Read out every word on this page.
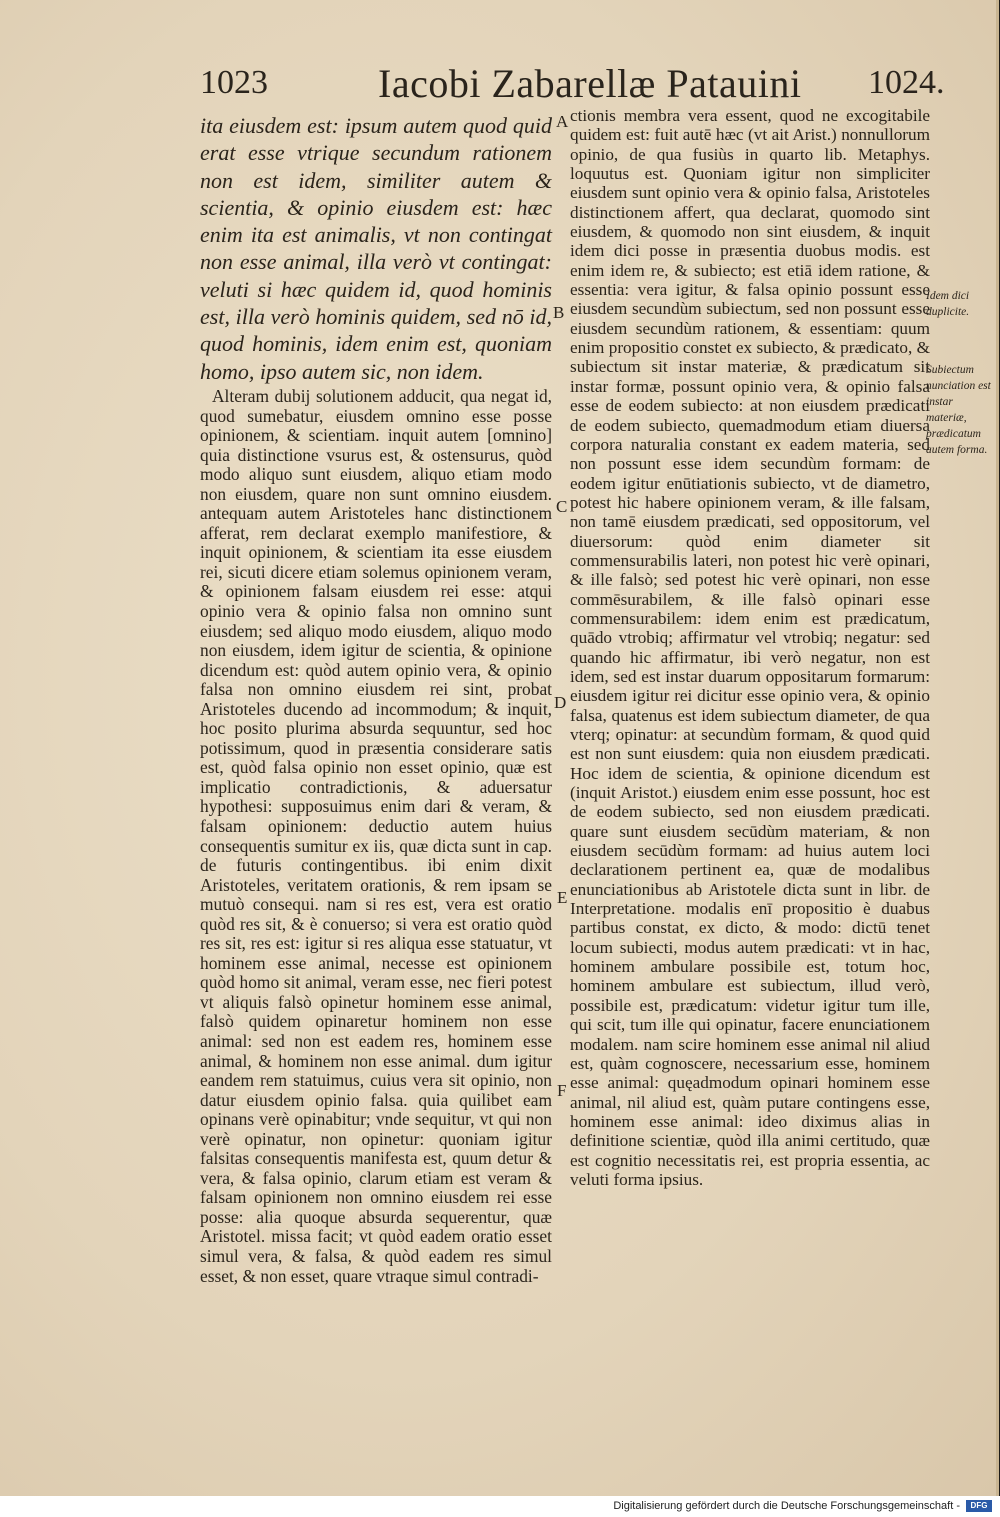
1023	Iacobi Zabarellæ Patauini 1024.

ita eiusdem est: ipsum autem quod quid erat esse vtrique secundum rationem non est idem, similiter autem & scientia, & opinio eiusdem est: hæc enim ita est animalis, vt non contingat non esse animal, illa verò vt contingat: veluti si hæc quidem id, quod hominis est, illa verò hominis quidem, sed nō id, quod hominis, idem enim est, quoniam homo, ipso autem sic, non idem.

Alteram dubij solutionem adducit, qua negat id, quod sumebatur, eiusdem omnino esse posse opinionem, & scientiam. inquit autem [omnino] quia distinctione vsurus est, & ostensurus, quòd modo aliquo sunt eiusdem, aliquo etiam modo non eiusdem, quare non sunt omnino eiusdem. antequam autem Aristoteles hanc distinctionem afferat, rem declarat exemplo manifestiore, & inquit opinionem, & scientiam ita esse eiusdem rei, sicuti dicere etiam solemus opinionem veram, & opinionem falsam eiusdem rei esse: atqui opinio vera & opinio falsa non omnino sunt eiusdem; sed aliquo modo eiusdem, aliquo modo non eiusdem, idem igitur de scientia, & opinione dicendum est: quòd autem opinio vera, & opinio falsa non omnino eiusdem rei sint, probat Aristoteles ducendo ad incommodum; & inquit, hoc posito plurima absurda sequuntur, sed hoc potissimum, quod in præsentia considerare satis est, quòd falsa opinio non esset opinio, quæ est implicatio contradictionis, & aduersatur hypothesi: supposuimus enim dari & veram, & falsam opinionem: deductio autem huius consequentis sumitur ex iis, quæ dicta sunt in cap. de futuris contingentibus. ibi enim dixit Aristoteles, veritatem orationis, & rem ipsam se mutuò consequi. nam si res est, vera est oratio quòd res sit, & è conuerso; si vera est oratio quòd res sit, res est: igitur si res aliqua esse statuatur, vt hominem esse animal, necesse est opinionem quòd homo sit animal, veram esse, nec fieri potest vt aliquis falsò opinetur hominem esse animal, falsò quidem opinaretur hominem non esse animal: sed non est eadem res, hominem esse animal, & hominem non esse animal. dum igitur eandem rem statuimus, cuius vera sit opinio, non datur eiusdem opinio falsa. quia quilibet eam opinans verè opinabitur; vnde sequitur, vt qui non verè opinatur, non opinetur: quoniam igitur falsitas consequentis manifesta est, quum detur & vera, & falsa opinio, clarum etiam est veram & falsam opinionem non omnino eiusdem rei esse posse: alia quoque absurda sequerentur, quæ Aristotel. missa facit; vt quòd eadem oratio esset simul vera, & falsa, & quòd eadem res simul esset, & non esset, quare vtraque simul contradi-

ctionis membra vera essent, quod ne excogitabile quidem est: fuit autē hæc (vt ait Arist.) nonnullorum opinio, de qua fusiùs in quarto lib. Metaphys. loquutus est. Quoniam igitur non simpliciter eiusdem sunt opinio vera & opinio falsa, Aristoteles distinctionem affert, qua declarat, quomodo sint eiusdem, & quomodo non sint eiusdem, & inquit idem dici posse in præsentia duobus modis. est enim idem re, & subiecto; est etiā idem ratione, & essentia: vera igitur, & falsa opinio possunt esse eiusdem secundùm subiectum, sed non possunt esse eiusdem secundùm rationem, & essentiam: quum enim propositio constet ex subiecto, & prædicato, & subiectum sit instar materiæ, & prædicatum sit instar formæ, possunt opinio vera, & opinio falsa esse de eodem subiecto: at non eiusdem prædicati de eodem subiecto, quemadmodum etiam diuersa corpora naturalia constant ex eadem materia, sed non possunt esse idem secundùm formam: de eodem igitur enūtiationis subiecto, vt de diametro, potest hic habere opinionem veram, & ille falsam, non tamē eiusdem prædicati, sed oppositorum, vel diuersorum: quòd enim diameter sit commensurabilis lateri, non potest hic verè opinari, & ille falsò; sed potest hic verè opinari, non esse commēsurabilem, & ille falsò opinari esse commensurabilem: idem enim est prædicatum, quādo vtrobiq; affirmatur vel vtrobiq; negatur: sed quando hic affirmatur, ibi verò negatur, non est idem, sed est instar duarum oppositarum formarum: eiusdem igitur rei dicitur esse opinio vera, & opinio falsa, quatenus est idem subiectum diameter, de qua vterq; opinatur: at secundùm formam, & quod quid est non sunt eiusdem: quia non eiusdem prædicati. Hoc idem de scientia, & opinione dicendum est (inquit Aristot.) eiusdem enim esse possunt, hoc est de eodem subiecto, sed non eiusdem prædicati. quare sunt eiusdem secūdùm materiam, & non eiusdem secūdùm formam: ad huius autem loci declarationem pertinent ea, quæ de modalibus enunciationibus ab Aristotele dicta sunt in libr. de Interpretatione. modalis enī propositio è duabus partibus constat, ex dicto, & modo: dictū tenet locum subiecti, modus autem prædicati: vt in hac, hominem ambulare possibile est, totum hoc, hominem ambulare est subiectum, illud verò, possibile est, prædicatum: videtur igitur tum ille, qui scit, tum ille qui opinatur, facere enunciationem modalem. nam scire hominem esse animal nil aliud est, quàm cognoscere, necessarium esse, hominem esse animal: quęadmodum opinari hominem esse animal, nil aliud est, quàm putare contingens esse, hominem esse animal: ideo diximus alias in definitione scientiæ, quòd illa animi certitudo, quæ est cognitio necessitatis rei, est propria essentia, ac veluti forma ipsius.

A
B
C
D
E
F
Idem dici duplicite.
Subiectum nunciation est instar materiæ, prædicatum autem forma.
Digitalisierung gefördert durch die Deutsche Forschungsgemeinschaft -	DFG
